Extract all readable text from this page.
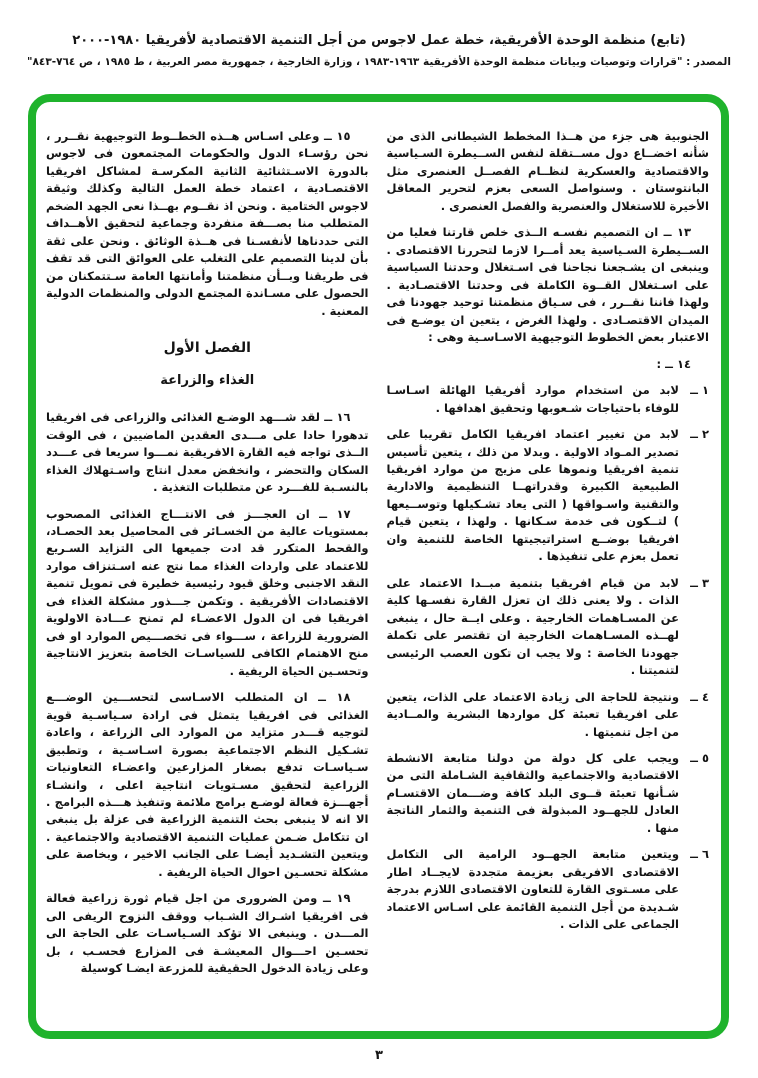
(تابع) منظمة الوحدة الأفريقية، خطة عمل لاجوس من أجل التنمية الاقتصادية لأفريقيا ١٩٨٠-٢٠٠٠
المصدر : "قرارات وتوصيات وبيانات منظمة الوحدة الأفريقية ١٩٦٣-١٩٨٣ ، وزارة الخارجية ، جمهورية مصر العربية ، ط ١٩٨٥ ، ص ٧٦٤-٨٤٣"

الجنوبية هى جزء من هــذا المخطط الشيطانى الذى من شأنه اخضــاع دول مســتقلة لنفس الســيطرة السـياسية والاقتصادية والعسكرية لنظــام الفصــل العنصرى مثل البانتوستان . وسنواصل السعى بعزم لتحرير المعاقل الأخيرة للاستغلال والعنصرية والفصل العنصرى .

١٣ ــ ان التصميم نفسـه الــذى خلص قارتنا فعليا من الســيطرة السـياسية يعد أمــرا لازما لتحررنا الاقتصادى . وينبغى ان يشـجعنا نجاحنا فى اسـتغلال وحدتنا السياسية على اسـتغلال القــوة الكاملة فى وحدتنا الاقتصـادية . ولهذا فاننا نقــرر ، فى سـياق منظمتنا توحيد جهودنا فى الميدان الاقتصـادى . ولهذا الغرض ، يتعين ان يوضـع فى الاعتبار بعض الخطوط التوجيهية الاسـاسـية وهى :

١٤ ــ :

١ ــ
لابد من استخدام موارد أفريقيا الهائلة اسـاسـا للوفاء باحتياجات شـعوبها وتحقيق اهدافها .
٢ ــ
لابد من تغيير اعتماد افريقيا الكامل تقريبا على تصدير المـواد الاولية . وبدلا من ذلك ، يتعين تأسيس تنمية افريقيا ونموها على مزيج من موارد افريقيا الطبيعية الكبيرة وقدراتهــا التنظيمية والادارية والتقنية واسـواقها ( التى يعاد تشـكيلها وتوســيعها ) لتــكون فى خدمة سـكانها . ولهذا ، يتعين قيام افريقيا بوضــع استراتيجيتها الخاصة للتنمية وان تعمل بعزم على تنفيذها .
٣ ــ
لابد من قيام افريقيا بتنمية مبــدا الاعتماد على الذات . ولا يعنى ذلك ان تعزل القارة نفسـها كلية عن المسـاهمات الخارجية . وعلى ايــة حال ، ينبغى لهــذه المسـاهمات الخارجية ان تقتصر على تكملة جهودنا الخاصة : ولا يجب ان تكون العصب الرئيسى لتنميتنا .
٤ ــ
ونتيجة للحاجة الى زيادة الاعتماد على الذات، يتعين على افريقيا تعبئة كل مواردها البشرية والمــادية من اجل تنميتها .
٥ ــ
ويجب على كل دولة من دولنا متابعة الانشطة الاقتصادية والاجتماعية والثقافية الشـاملة التى من شـأنها تعبئة قــوى البلد كافة وضـــمان الاقتسـام العادل للجهــود المبذولة فى التنمية والثمار الناتجة منها .
٦ ــ
ويتعين متابعة الجهــود الرامية الى التكامل الاقتصادى الافريقى بعزيمة متجددة لايجــاد اطار على مسـتوى القارة للتعاون الاقتصادى اللازم بدرجة شـديدة من أجل التنمية القائمة على اسـاس الاعتماد الجماعى على الذات .

١٥ ــ وعلى اسـاس هــذه الخطــوط التوجيهية نقــرر ، نحن رؤسـاء الدول والحكومات المجتمعون فى لاجوس بالدورة الاسـتثنائية الثانية المكرسـة لمشاكل افريقيا الاقتصـادية ، اعتماد خطة العمل التالية وكذلك وثيقة لاجوس الختامية . ونحن اذ نقــوم بهــذا نعى الجهد الضخم المتطلب منا بصـــفة منفردة وجماعية لتحقيق الأهــداف التى حددناها لأنفسـنا فى هــذة الوثائق . ونحن على ثقة بأن لدينا التصميم على التغلب على العوائق التى قد تقف فى طريقنا وبــأن منظمتنا وأمانتها العامة سـتتمكنان من الحصول على مسـاندة المجتمع الدولى والمنظمات الدولية المعنية .

الفصل الأول
الغذاء والزراعة

١٦ ــ لقد شـــهد الوضـع الغذائى والزراعى فى افريقيا تدهورا حادا على مـــدى العقدين الماضيين ، فى الوقت الــذى تواجه فيه القارة الافريقية نمـــوا سريعا فى عـــدد السكان والتحضر ، وانخفض معدل انتاج واسـتهلاك الغذاء بالنسـبة للفـــرد عن متطلبات التغذية .

١٧ ــ ان العجـــز فى الانتـــاج الغذائى المصحوب بمستويات عالية من الخسـائر فى المحاصيل بعد الحصـاد، والقحط المتكرر قد ادت جميعها الى التزايد السـريع للاعتماد على واردات الغذاء مما نتج عنه اسـتنزاف موارد النقد الاجنبى وخلق قيود رئيسية خطيرة فى تمويل تنمية الاقتصادات الأفريقية . وتكمن جـــذور مشكلة الغذاء فى افريقيا فى ان الدول الاعضـاء لم تمنح عـــادة الاولوية الضرورية للزراعة ، ســـواء فى تخصـــيص الموارد او فى منح الاهتمام الكافى للسياسـات الخاصة بتعزيز الانتاجية وتحسـين الحياة الريفية .

١٨ ــ ان المتطلب الاسـاسى لتحســـين الوضـــع الغذائى فى افريقيا يتمثل فى ارادة سـياسـية قوية لتوجيه قـــدر متزايد من الموارد الى الزراعة ، واعادة تشـكيل النظم الاجتماعية بصورة اسـاسـية ، وتطبيق سـياسـات تدفع بصغار المزارعين واعضـاء التعاونيات الزراعية لتحقيق مسـتويات انتاجية اعلى ، وانشـاء أجهـــزة فعالة لوضـع برامج ملائمة وتنفيذ هـــذه البرامج . الا انه لا ينبغى بحث التنمية الزراعية فى عزلة بل ينبغى ان تتكامل ضـمن عمليات التنمية الاقتصادية والاجتماعية . ويتعين التشـديد أيضـا على الجانب الاخير ، وبخاصة على مشكلة تحسـين احوال الحياة الريفية .

١٩ ــ ومن الضرورى من اجل قيام ثورة زراعية فعالة فى افريقيا اشـراك الشـباب ووقف النزوح الريفى الى المـــدن . وينبغى الا تؤكد السـياسـات على الحاجة الى تحسـين احـــوال المعيشـة فى المزارع فحسـب ، بل وعلى زيادة الدخول الحقيقية للمزرعة ايضـا كوسيلة

٣
